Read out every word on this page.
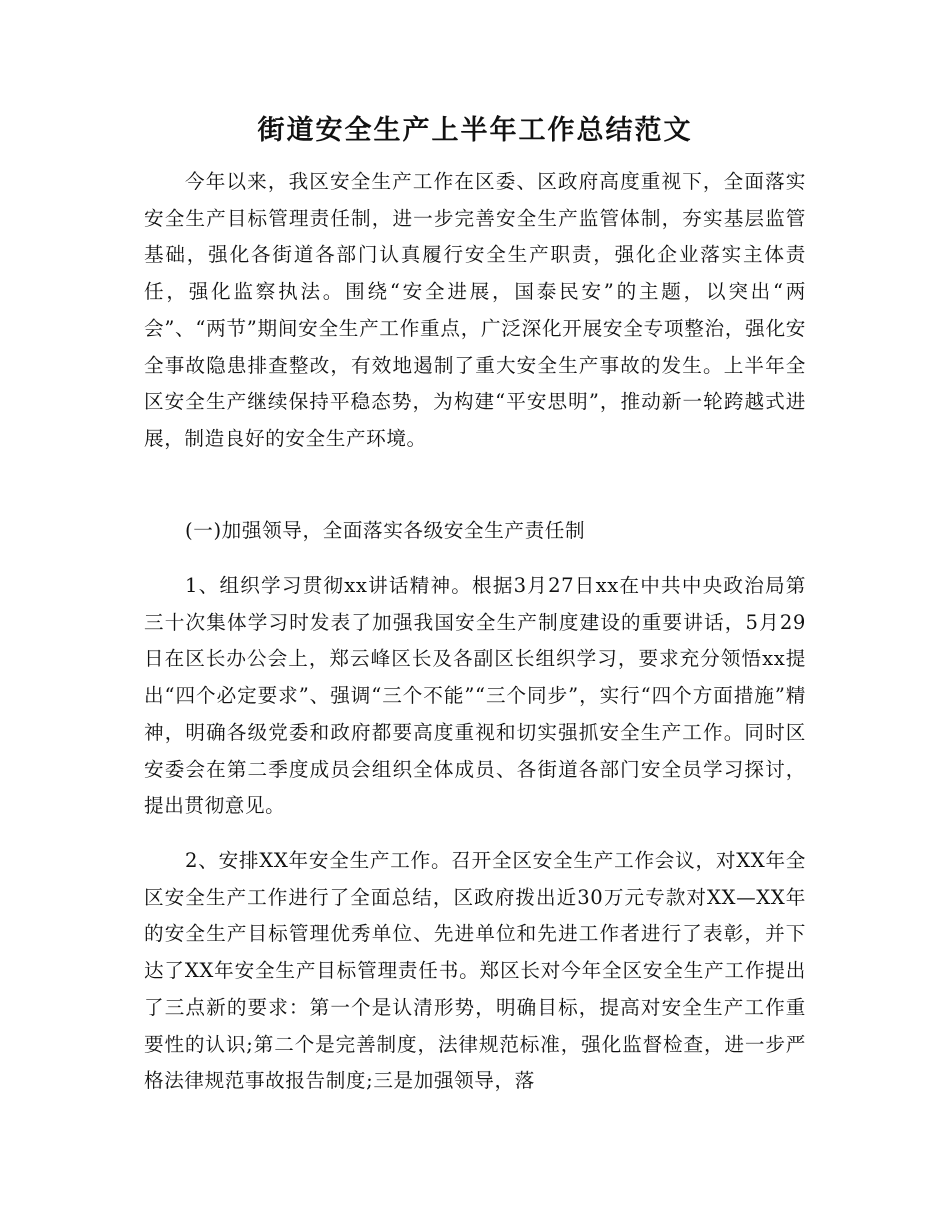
街道安全生产上半年工作总结范文

今年以来，我区安全生产工作在区委、区政府高度重视下，全面落实安全生产目标管理责任制，进一步完善安全生产监管体制，夯实基层监管基础，强化各街道各部门认真履行安全生产职责，强化企业落实主体责任，强化监察执法。围绕“安全进展，国泰民安”的主题，以突出“两会”、“两节”期间安全生产工作重点，广泛深化开展安全专项整治，强化安全事故隐患排查整改，有效地遏制了重大安全生产事故的发生。上半年全区安全生产继续保持平稳态势，为构建“平安思明”，推动新一轮跨越式进展，制造良好的安全生产环境。

(一)加强领导，全面落实各级安全生产责任制

1、组织学习贯彻xx讲话精神。根据3月27日xx在中共中央政治局第三十次集体学习时发表了加强我国安全生产制度建设的重要讲话，5月29日在区长办公会上，郑云峰区长及各副区长组织学习，要求充分领悟xx提出“四个必定要求”、强调“三个不能”“三个同步”，实行“四个方面措施”精神，明确各级党委和政府都要高度重视和切实强抓安全生产工作。同时区安委会在第二季度成员会组织全体成员、各街道各部门安全员学习探讨，提出贯彻意见。

2、安排XX年安全生产工作。召开全区安全生产工作会议，对XX年全区安全生产工作进行了全面总结，区政府拨出近30万元专款对XX—XX年的安全生产目标管理优秀单位、先进单位和先进工作者进行了表彰，并下达了XX年安全生产目标管理责任书。郑区长对今年全区安全生产工作提出了三点新的要求：第一个是认清形势，明确目标，提高对安全生产工作重要性的认识;第二个是完善制度，法律规范标准，强化监督检查，进一步严格法律规范事故报告制度;三是加强领导，落
